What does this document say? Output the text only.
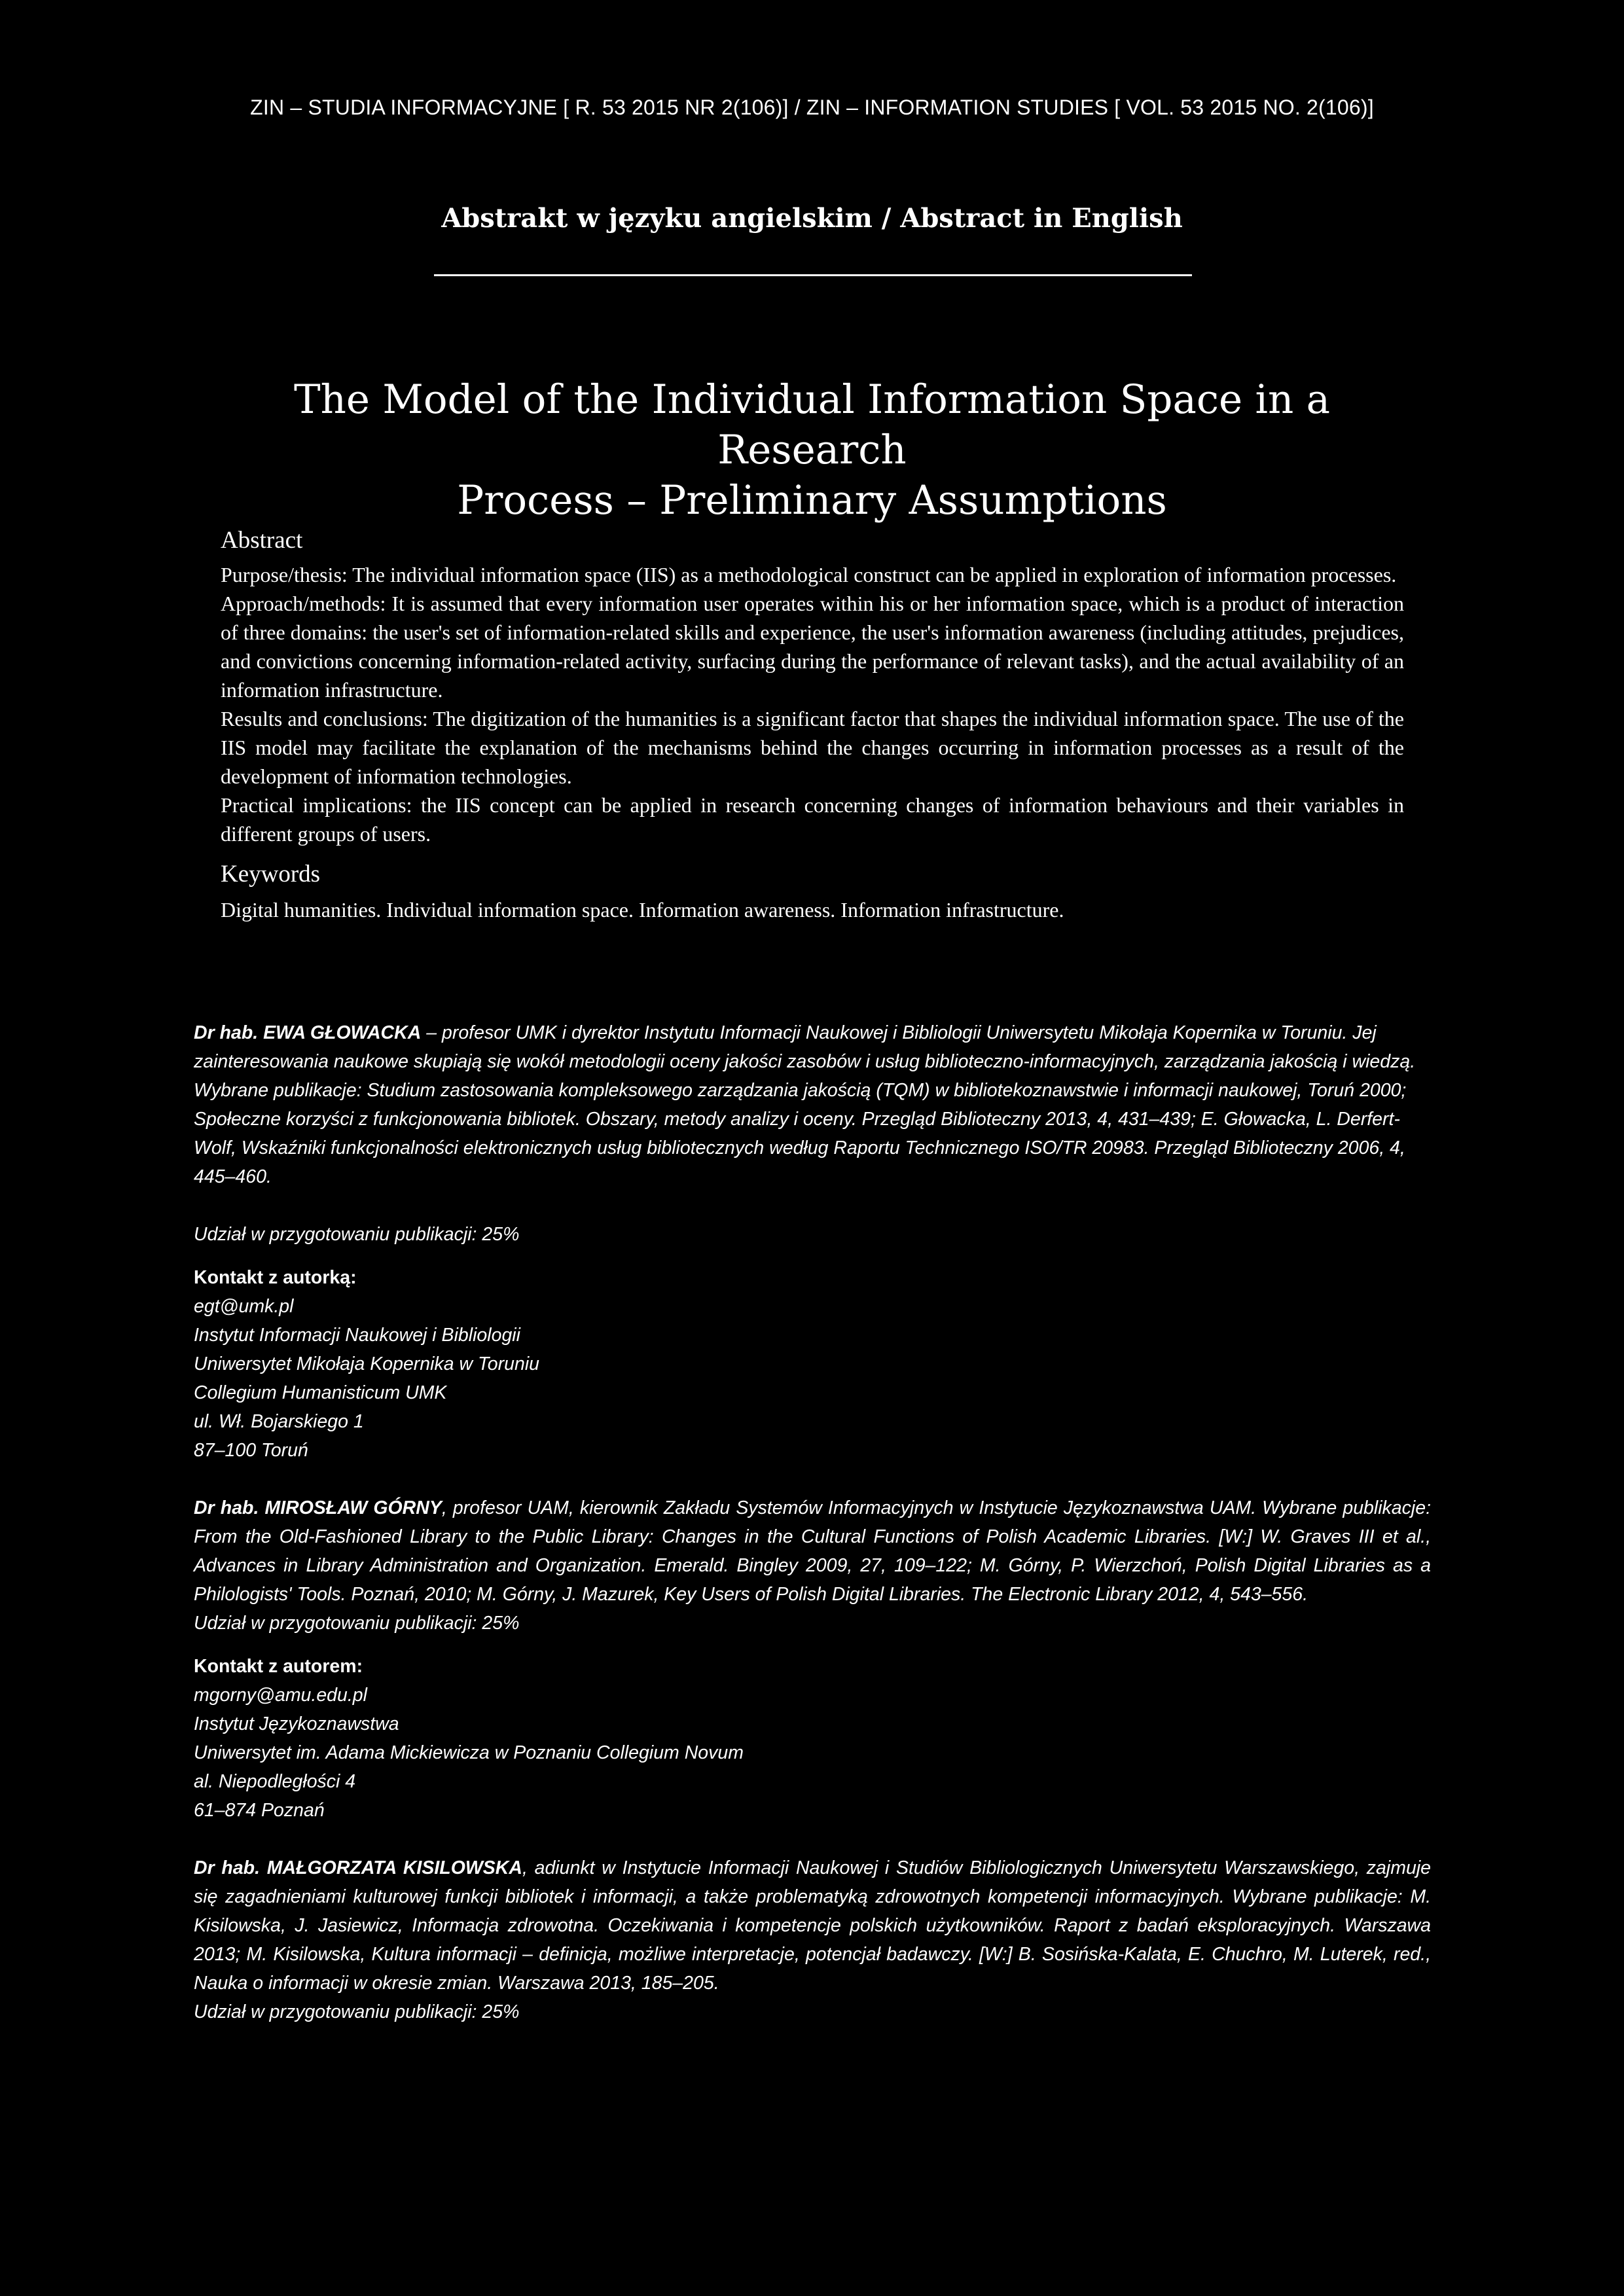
ZIN – STUDIA INFORMACYJNE [ R. 53 2015 NR 2(106)] / ZIN – INFORMATION STUDIES [ VOL. 53 2015 NO. 2(106)]
Abstrakt w języku angielskim / Abstract in English
The Model of the Individual Information Space in a Research
Process – Preliminary Assumptions
Abstract

Purpose/thesis: The individual information space (IIS) as a methodological construct can be applied in exploration of information processes.

Approach/methods: It is assumed that every information user operates within his or her information space, which is a product of interaction of three domains: the user's set of information-related skills and experience, the user's information awareness (including attitudes, prejudices, and convictions concerning information-related activity, surfacing during the performance of relevant tasks), and the actual availability of an information infrastructure.

Results and conclusions: The digitization of the humanities is a significant factor that shapes the individual information space. The use of the IIS model may facilitate the explanation of the mechanisms behind the changes occurring in information processes as a result of the development of information technologies.

Practical implications: the IIS concept can be applied in research concerning changes of information behaviours and their variables in different groups of users.

Keywords

Digital humanities. Individual information space. Information awareness. Information infrastructure.

Dr hab. EWA GŁOWACKA – profesor UMK i dyrektor Instytutu Informacji Naukowej i Bibliologii Uniwersytetu Mikołaja Kopernika w Toruniu. Jej zainteresowania naukowe skupiają się wokół metodologii oceny jakości zasobów i usług biblioteczno-informacyjnych, zarządzania jakością i wiedzą. Wybrane publikacje: Studium zastosowania kompleksowego zarządzania jakością (TQM) w bibliotekoznawstwie i informacji naukowej, Toruń 2000; Społeczne korzyści z funkcjonowania bibliotek. Obszary, metody analizy i oceny. Przegląd Biblioteczny 2013, 4, 431–439; E. Głowacka, L. Derfert-Wolf, Wskaźniki funkcjonalności elektronicznych usług bibliotecznych według Raportu Technicznego ISO/TR 20983. Przegląd Biblioteczny 2006, 4, 445–460.

Udział w przygotowaniu publikacji: 25%

Kontakt z autorką:

egt@umk.pl
Instytut Informacji Naukowej i Bibliologii
Uniwersytet Mikołaja Kopernika w Toruniu
Collegium Humanisticum UMK
ul. Wł. Bojarskiego 1
87–100 Toruń

Dr hab. MIROSŁAW GÓRNY, profesor UAM, kierownik Zakładu Systemów Informacyjnych w Instytucie Językoznawstwa UAM. Wybrane publikacje: From the Old-Fashioned Library to the Public Library: Changes in the Cultural Functions of Polish Academic Libraries. [W:] W. Graves III et al., Advances in Library Administration and Organization. Emerald. Bingley 2009, 27, 109–122; M. Górny, P. Wierzchoń, Polish Digital Libraries as a Philologists' Tools. Poznań, 2010; M. Górny, J. Mazurek, Key Users of Polish Digital Libraries. The Electronic Library 2012, 4, 543–556.

Udział w przygotowaniu publikacji: 25%

Kontakt z autorem:

mgorny@amu.edu.pl
Instytut Językoznawstwa
Uniwersytet im. Adama Mickiewicza w Poznaniu Collegium Novum
al. Niepodległości 4
61–874 Poznań

Dr hab. MAŁGORZATA KISILOWSKA, adiunkt w Instytucie Informacji Naukowej i Studiów Bibliologicznych Uniwersytetu Warszawskiego, zajmuje się zagadnieniami kulturowej funkcji bibliotek i informacji, a także problematyką zdrowotnych kompetencji informacyjnych. Wybrane publikacje: M. Kisilowska, J. Jasiewicz, Informacja zdrowotna. Oczekiwania i kompetencje polskich użytkowników. Raport z badań eksploracyjnych. Warszawa 2013; M. Kisilowska, Kultura informacji – definicja, możliwe interpretacje, potencjał badawczy. [W:] B. Sosińska-Kalata, E. Chuchro, M. Luterek, red., Nauka o informacji w okresie zmian. Warszawa 2013, 185–205.

Udział w przygotowaniu publikacji: 25%
